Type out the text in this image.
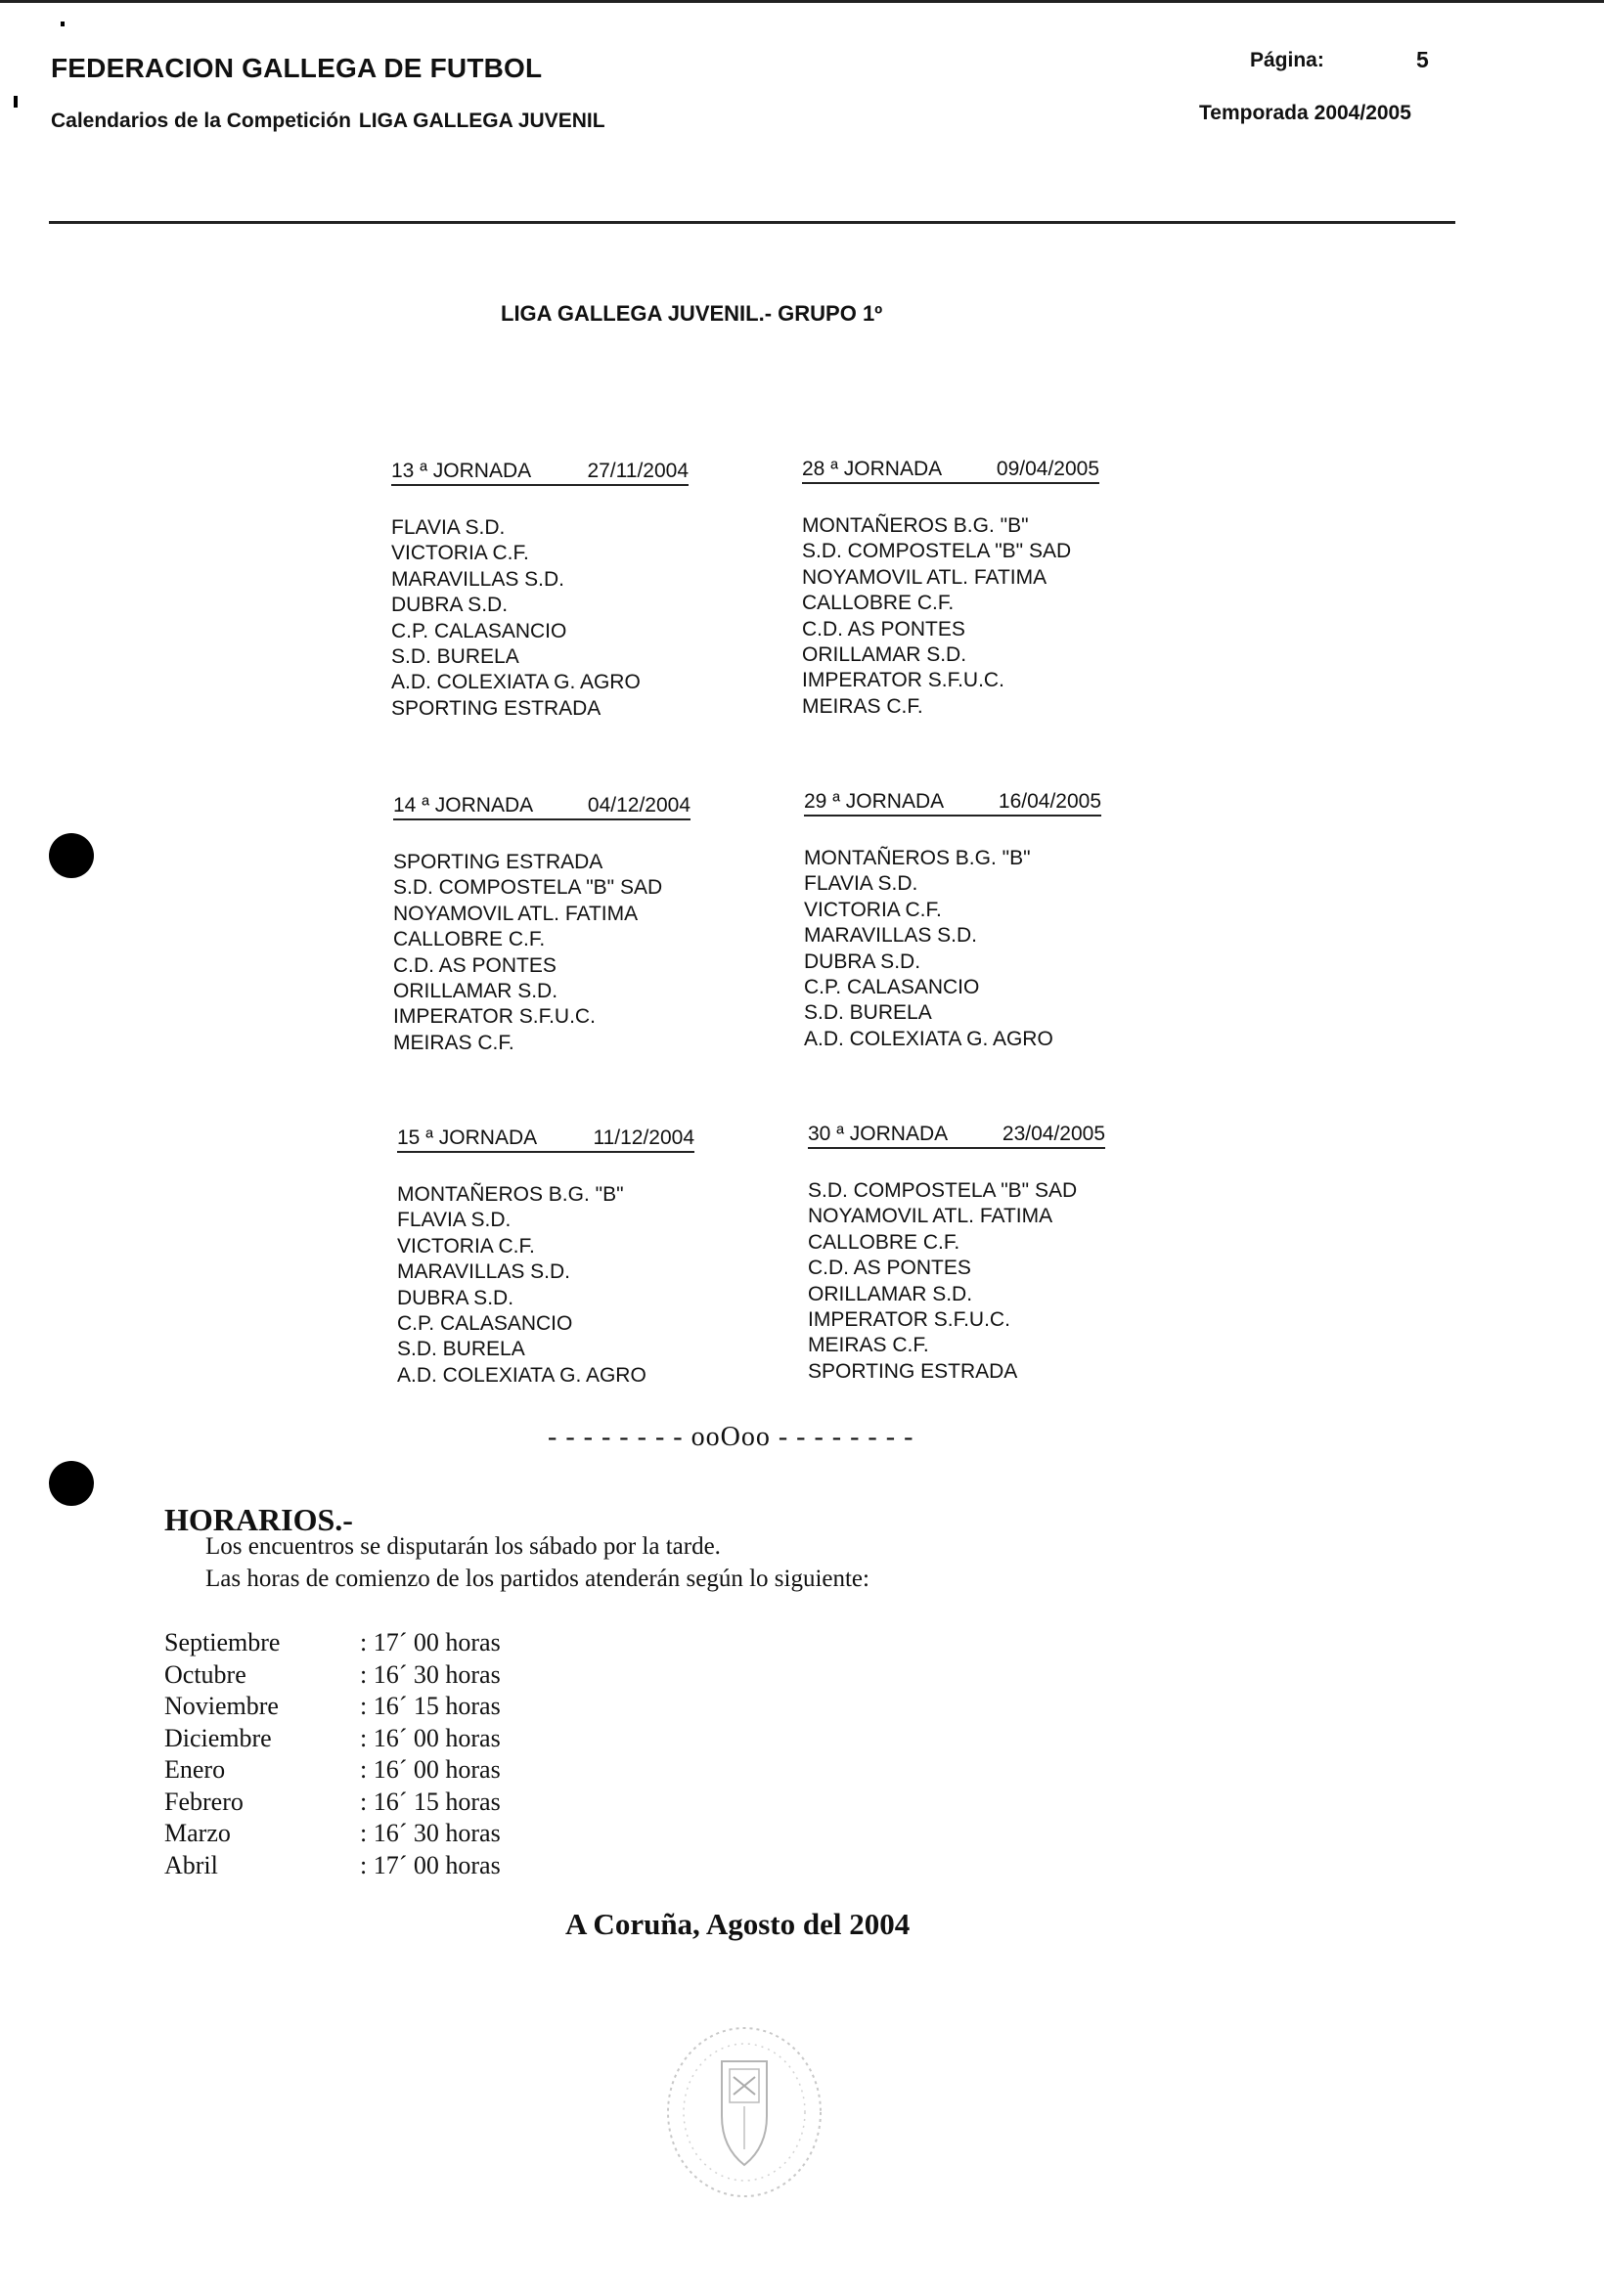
FEDERACION GALLEGA DE FUTBOL
Calendarios de la Competición LIGA GALLEGA JUVENIL
Página:	5
Temporada 2004/2005
LIGA GALLEGA JUVENIL.- GRUPO 1º
13 ª JORNADA	27/11/2004
FLAVIA S.D.
VICTORIA C.F.
MARAVILLAS S.D.
DUBRA S.D.
C.P. CALASANCIO
S.D. BURELA
A.D. COLEXIATA G. AGRO
SPORTING ESTRADA
28 ª JORNADA	09/04/2005
MONTAÑEROS B.G. "B"
S.D. COMPOSTELA "B" SAD
NOYAMOVIL ATL. FATIMA
CALLOBRE C.F.
C.D. AS PONTES
ORILLAMAR S.D.
IMPERATOR S.F.U.C.
MEIRAS C.F.
14 ª JORNADA	04/12/2004
SPORTING ESTRADA
S.D. COMPOSTELA "B" SAD
NOYAMOVIL ATL. FATIMA
CALLOBRE C.F.
C.D. AS PONTES
ORILLAMAR S.D.
IMPERATOR S.F.U.C.
MEIRAS C.F.
29 ª JORNADA	16/04/2005
MONTAÑEROS B.G. "B"
FLAVIA S.D.
VICTORIA C.F.
MARAVILLAS S.D.
DUBRA S.D.
C.P. CALASANCIO
S.D. BURELA
A.D. COLEXIATA G. AGRO
15 ª JORNADA	11/12/2004
MONTAÑEROS B.G. "B"
FLAVIA S.D.
VICTORIA C.F.
MARAVILLAS S.D.
DUBRA S.D.
C.P. CALASANCIO
S.D. BURELA
A.D. COLEXIATA G. AGRO
30 ª JORNADA	23/04/2005
S.D. COMPOSTELA "B" SAD
NOYAMOVIL ATL. FATIMA
CALLOBRE C.F.
C.D. AS PONTES
ORILLAMAR S.D.
IMPERATOR S.F.U.C.
MEIRAS C.F.
SPORTING ESTRADA
- - - - - - - - ooOoo - - - - - - - -
HORARIOS.-
Los encuentros se disputarán los sábado por la tarde.
Las horas de comienzo de los partidos atenderán según lo siguiente:
Septiembre	: 17´ 00 horas
Octubre	: 16´ 30 horas
Noviembre	: 16´ 15 horas
Diciembre	: 16´ 00 horas
Enero	: 16´ 00 horas
Febrero	: 16´ 15 horas
Marzo	: 16´ 30 horas
Abril	: 17´ 00 horas
A Coruña, Agosto del 2004
